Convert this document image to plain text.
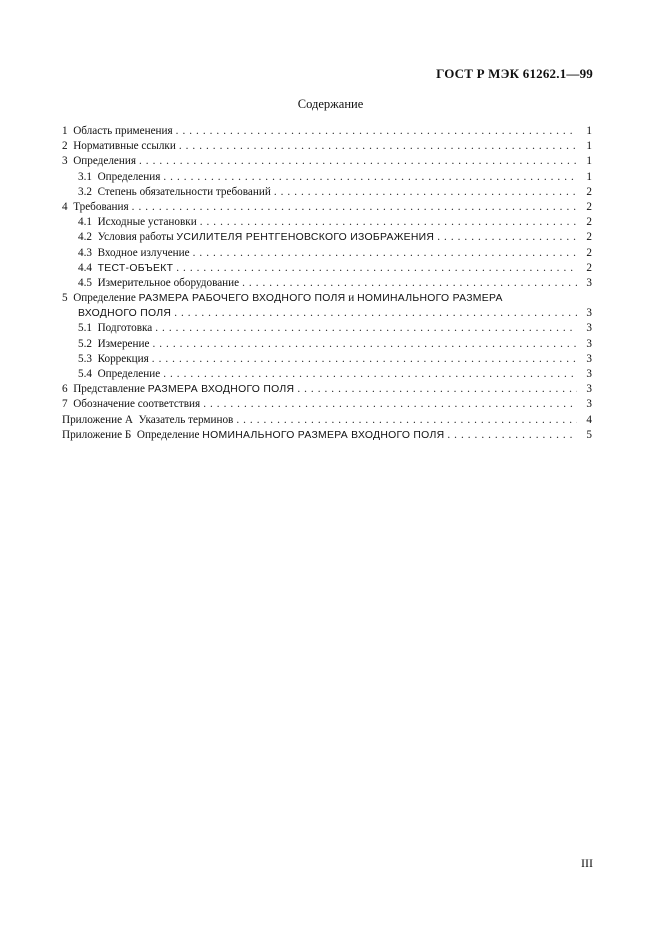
ГОСТ Р МЭК 61262.1—99
Содержание
1 Область применения . . .	1
2 Нормативные ссылки . . .	1
3 Определения . . .	1
3.1 Определения . . .	1
3.2 Степень обязательности требований . . .	2
4 Требования . . .	2
4.1 Исходные установки . . .	2
4.2 Условия работы УСИЛИТЕЛЯ РЕНТГЕНОВСКОГО ИЗОБРАЖЕНИЯ . . .	2
4.3 Входное излучение . . .	2
4.4 ТЕСТ-ОБЪЕКТ . . .	2
4.5 Измерительное оборудование . . .	3
5 Определение РАЗМЕРА РАБОЧЕГО ВХОДНОГО ПОЛЯ и НОМИНАЛЬНОГО РАЗМЕРА
ВХОДНОГО ПОЛЯ . . .	3
5.1 Подготовка . . .	3
5.2 Измерение . . .	3
5.3 Коррекция . . .	3
5.4 Определение . . .	3
6 Представление РАЗМЕРА ВХОДНОГО ПОЛЯ . . .	3
7 Обозначение соответствия . . .	3
Приложение А Указатель терминов . . .	4
Приложение Б Определение НОМИНАЛЬНОГО РАЗМЕРА ВХОДНОГО ПОЛЯ . . .	5
III
